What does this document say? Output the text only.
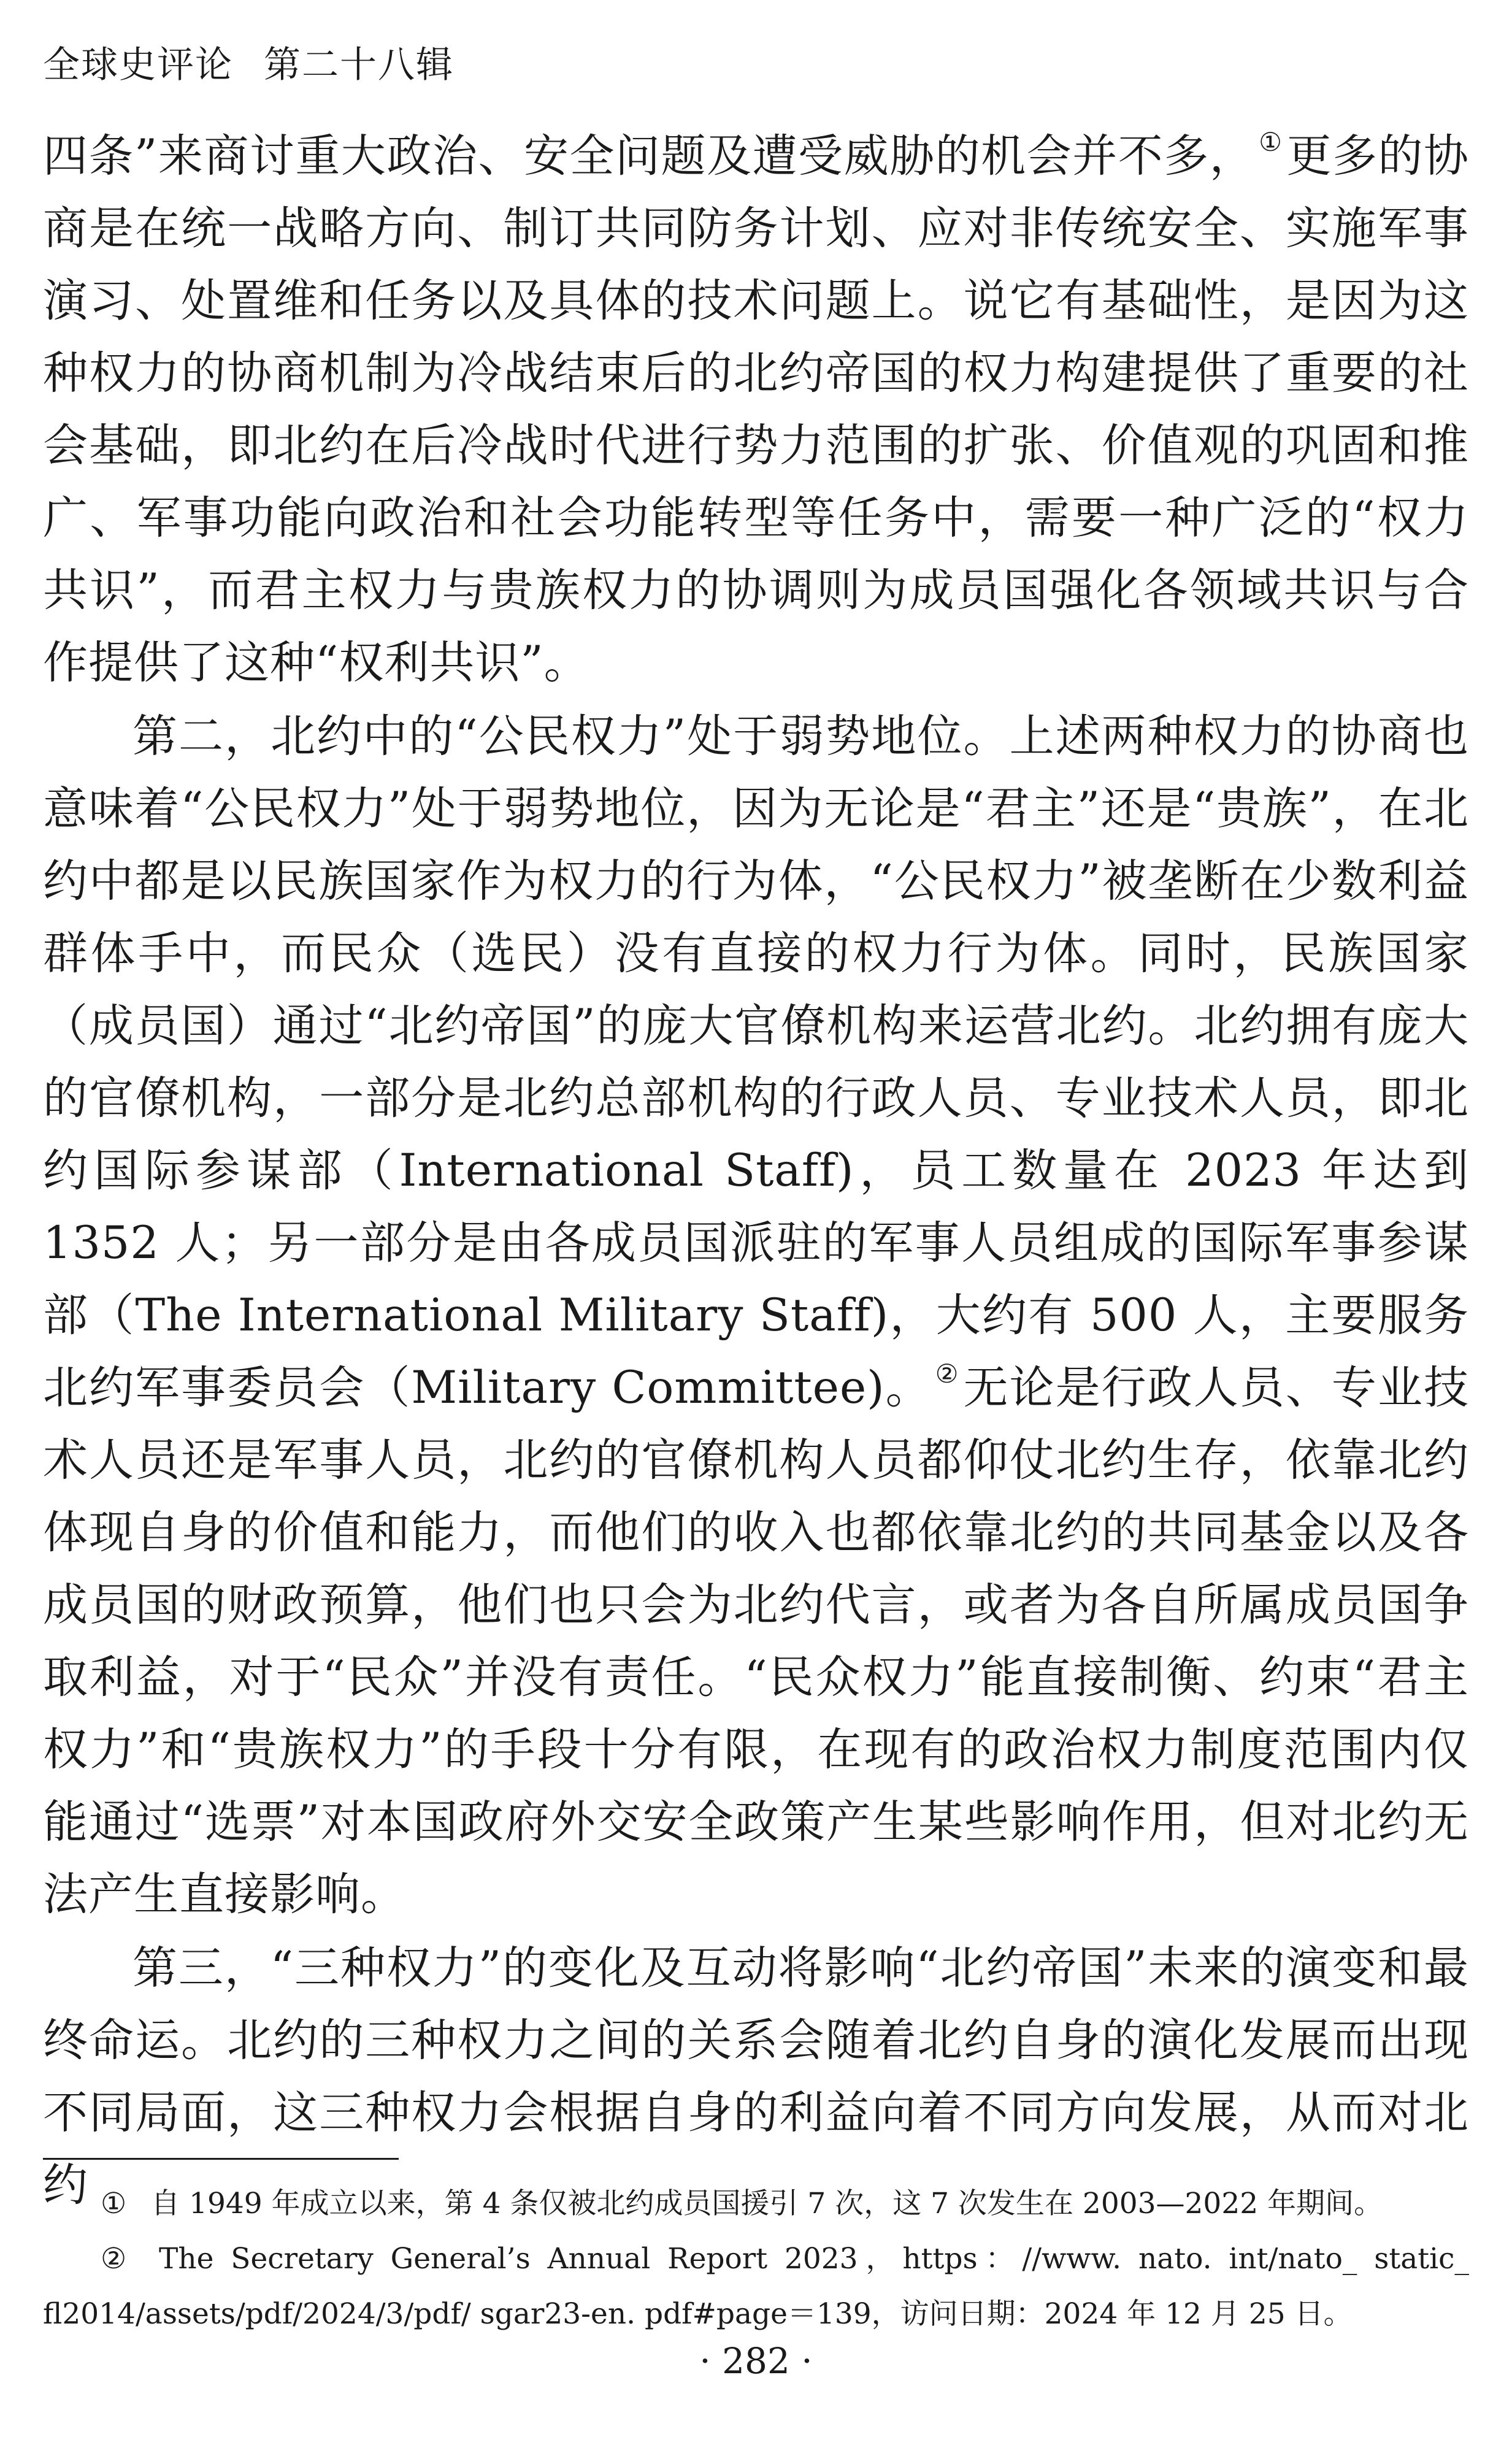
全球史评论 第二十八辑

四条”来商讨重大政治、安全问题及遭受威胁的机会并不多， ①更多的协商是在统一战略方向、制订共同防务计划、应对非传统安全、实施军事演习、处置维和任务以及具体的技术问题上。说它有基础性，是因为这种权力的协商机制为冷战结束后的北约帝国的权力构建提供了重要的社会基础，即北约在后冷战时代进行势力范围的扩张、价值观的巩固和推广、军事功能向政治和社会功能转型等任务中，需要一种广泛的“权力共识”，而君主权力与贵族权力的协调则为成员国强化各领域共识与合作提供了这种“权利共识”。

第二，北约中的“公民权力”处于弱势地位。上述两种权力的协商也意味着“公民权力”处于弱势地位，因为无论是“君主”还是“贵族”，在北约中都是以民族国家作为权力的行为体，“公民权力”被垄断在少数利益群体手中，而民众（选民）没有直接的权力行为体。同时，民族国家（成员国）通过“北约帝国”的庞大官僚机构来运营北约。北约拥有庞大的官僚机构，一部分是北约总部机构的行政人员、专业技术人员，即北约国际参谋部（International Staff)，员工数量在 2023 年达到 1352 人；另一部分是由各成员国派驻的军事人员组成的国际军事参谋部（The International Military Staff)，大约有 500 人，主要服务北约军事委员会（Military Committee)。 ②无论是行政人员、专业技术人员还是军事人员，北约的官僚机构人员都仰仗北约生存，依靠北约体现自身的价值和能力，而他们的收入也都依靠北约的共同基金以及各成员国的财政预算，他们也只会为北约代言，或者为各自所属成员国争取利益，对于“民众”并没有责任。“民众权力”能直接制衡、约束“君主权力”和“贵族权力”的手段十分有限，在现有的政治权力制度范围内仅能通过“选票”对本国政府外交安全政策产生某些影响作用，但对北约无法产生直接影响。

第三，“三种权力”的变化及互动将影响“北约帝国”未来的演变和最终命运。北约的三种权力之间的关系会随着北约自身的演化发展而出现不同局面，这三种权力会根据自身的利益向着不同方向发展，从而对北约 ① 自 1949 年成立以来，第 4 条仅被北约成员国援引 7 次，这 7 次发生在 2003—2022 年期间。

② The Secretary General’s Annual Report 2023，https：//www. nato. int/nato_ static_ fl2014/assets/pdf/2024/3/pdf/ sgar23-en. pdf#page＝139，访问日期：2024 年 12 月 25 日。

· 282 ·
